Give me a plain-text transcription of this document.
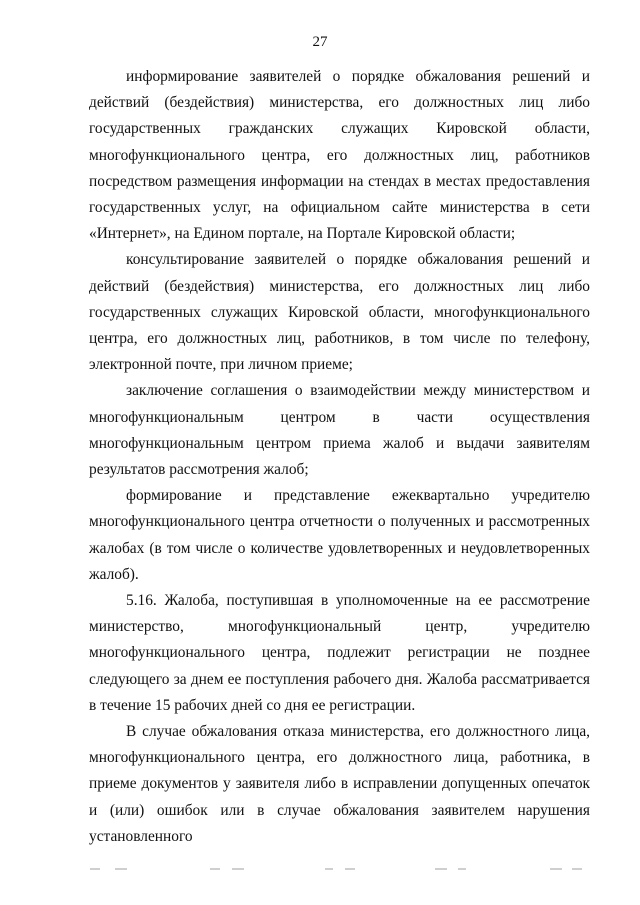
27

информирование заявителей о порядке обжалования решений и действий (бездействия) министерства, его должностных лиц либо государственных гражданских служащих Кировской области, многофункционального центра, его должностных лиц, работников посредством размещения информации на стендах в местах предоставления государственных услуг, на официальном сайте министерства в сети «Интернет», на Едином портале, на Портале Кировской области;

консультирование заявителей о порядке обжалования решений и действий (бездействия) министерства, его должностных лиц либо государственных служащих Кировской области, многофункционального центра, его должностных лиц, работников, в том числе по телефону, электронной почте, при личном приеме;

заключение соглашения о взаимодействии между министерством и многофункциональным центром в части осуществления многофункциональным центром приема жалоб и выдачи заявителям результатов рассмотрения жалоб;

формирование и представление ежеквартально учредителю многофункционального центра отчетности о полученных и рассмотренных жалобах (в том числе о количестве удовлетворенных и неудовлетворенных жалоб).

5.16. Жалоба, поступившая в уполномоченные на ее рассмотрение министерство, многофункциональный центр, учредителю многофункционального центра, подлежит регистрации не позднее следующего за днем ее поступления рабочего дня. Жалоба рассматривается в течение 15 рабочих дней со дня ее регистрации.

В случае обжалования отказа министерства, его должностного лица, многофункционального центра, его должностного лица, работника, в приеме документов у заявителя либо в исправлении допущенных опечаток и (или) ошибок или в случае обжалования заявителем нарушения установленного
